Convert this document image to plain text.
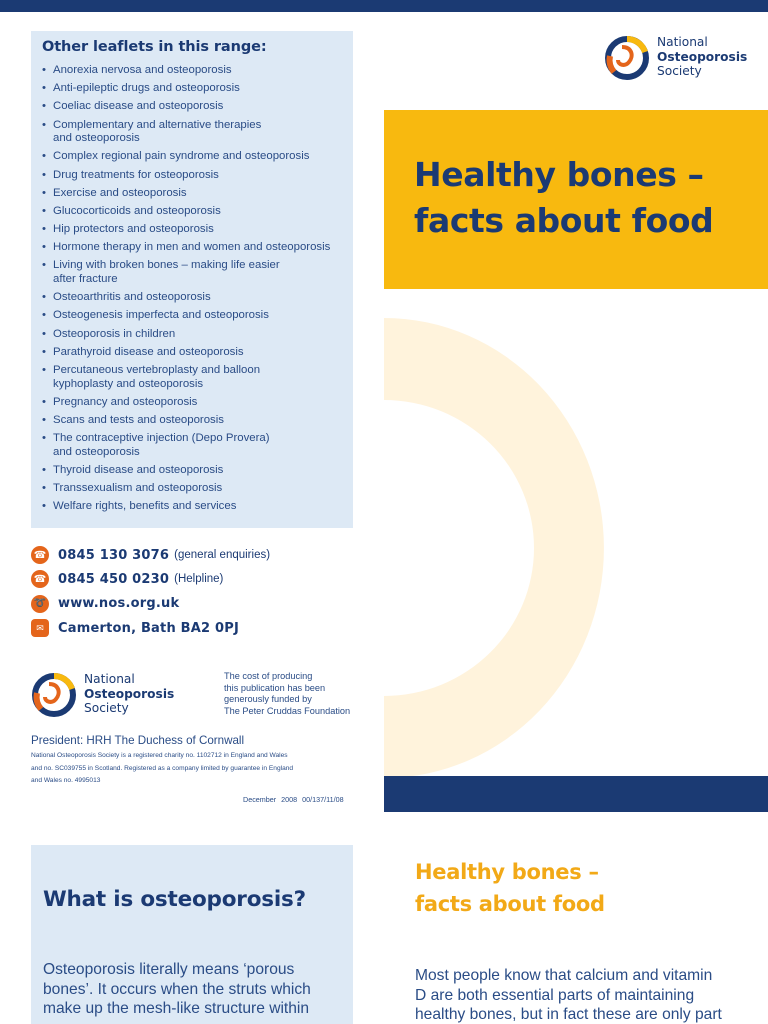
Other leaflets in this range:
• Anorexia nervosa and osteoporosis
• Anti-epileptic drugs and osteoporosis
• Coeliac disease and osteoporosis
• Complementary and alternative therapies
and osteoporosis
• Complex regional pain syndrome and osteoporosis
• Drug treatments for osteoporosis
• Exercise and osteoporosis
• Glucocorticoids and osteoporosis
• Hip protectors and osteoporosis
• Hormone therapy in men and women and osteoporosis
• Living with broken bones – making life easier
after fracture
• Osteoarthritis and osteoporosis
• Osteogenesis imperfecta and osteoporosis
• Osteoporosis in children
• Parathyroid disease and osteoporosis
• Percutaneous vertebroplasty and balloon
kyphoplasty and osteoporosis
• Pregnancy and osteoporosis
• Scans and tests and osteoporosis
• The contraceptive injection (Depo Provera)
and osteoporosis
• Thyroid disease and osteoporosis
• Transsexualism and osteoporosis
• Welfare rights, benefits and services
☎ 0845 130 3076 (general enquiries)
☎ 0845 450 0230 (Helpline)
➰ www.nos.org.uk
✉	Camerton, Bath BA2 0PJ
National
Osteoporosis
Society
The cost of producing
this publication has been
generously funded by
The Peter Cruddas Foundation
President: HRH The Duchess of Cornwall
National Osteoporosis Society is a registered charity no. 1102712 in England and Wales
and no. SC039755 in Scotland. Registered as a company limited by guarantee in England
and Wales no. 4995013
December 2008 00/137/11/08
National
Osteoporosis
Society
Healthy bones –
facts about food
What is osteoporosis?
Osteoporosis literally means ‘porous
bones’. It occurs when the struts which
make up the mesh-like structure within
Healthy bones –
facts about food
Most people know that calcium and vitamin
D are both essential parts of maintaining
healthy bones, but in fact these are only part
